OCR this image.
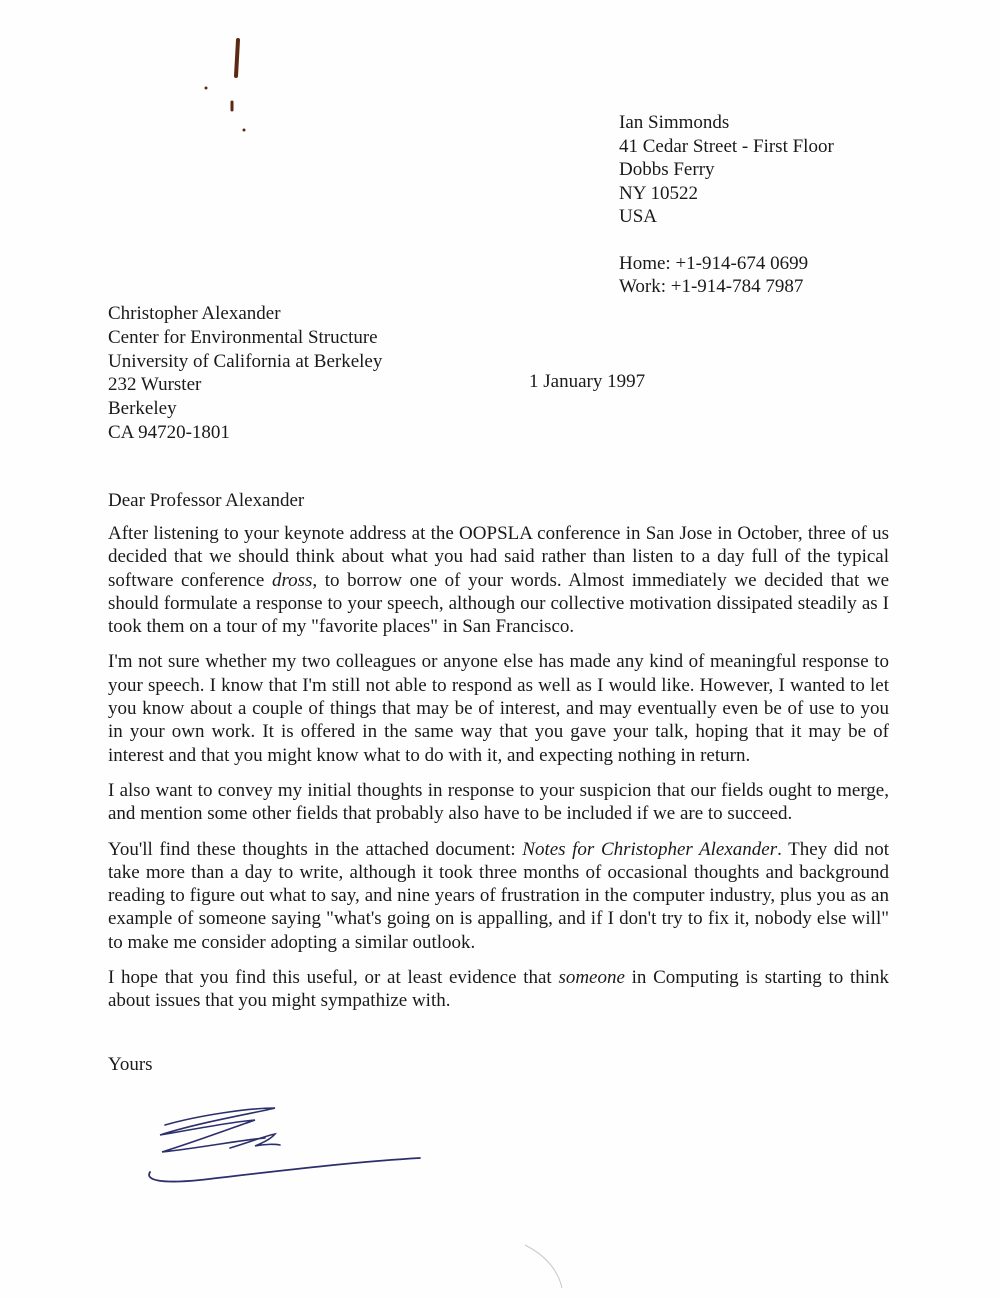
Ian Simmonds
41 Cedar Street - First Floor
Dobbs Ferry
NY 10522
USA
Home: +1-914-674 0699
Work: +1-914-784 7987
Christopher Alexander
Center for Environmental Structure
University of California at Berkeley
232 Wurster
Berkeley
CA 94720-1801
1 January 1997
Dear Professor Alexander

After listening to your keynote address at the OOPSLA conference in San Jose in October, three of us decided that we should think about what you had said rather than listen to a day full of the typical software conference dross, to borrow one of your words. Almost immediately we decided that we should formulate a response to your speech, although our collective motivation dissipated steadily as I took them on a tour of my "favorite places" in San Francisco.

I'm not sure whether my two colleagues or anyone else has made any kind of meaningful response to your speech. I know that I'm still not able to respond as well as I would like. However, I wanted to let you know about a couple of things that may be of interest, and may eventually even be of use to you in your own work. It is offered in the same way that you gave your talk, hoping that it may be of interest and that you might know what to do with it, and expecting nothing in return.

I also want to convey my initial thoughts in response to your suspicion that our fields ought to merge, and mention some other fields that probably also have to be included if we are to succeed.

You'll find these thoughts in the attached document: Notes for Christopher Alexander. They did not take more than a day to write, although it took three months of occasional thoughts and background reading to figure out what to say, and nine years of frustration in the computer industry, plus you as an example of someone saying "what's going on is appalling, and if I don't try to fix it, nobody else will" to make me consider adopting a similar outlook.

I hope that you find this useful, or at least evidence that someone in Computing is starting to think about issues that you might sympathize with.

Yours
